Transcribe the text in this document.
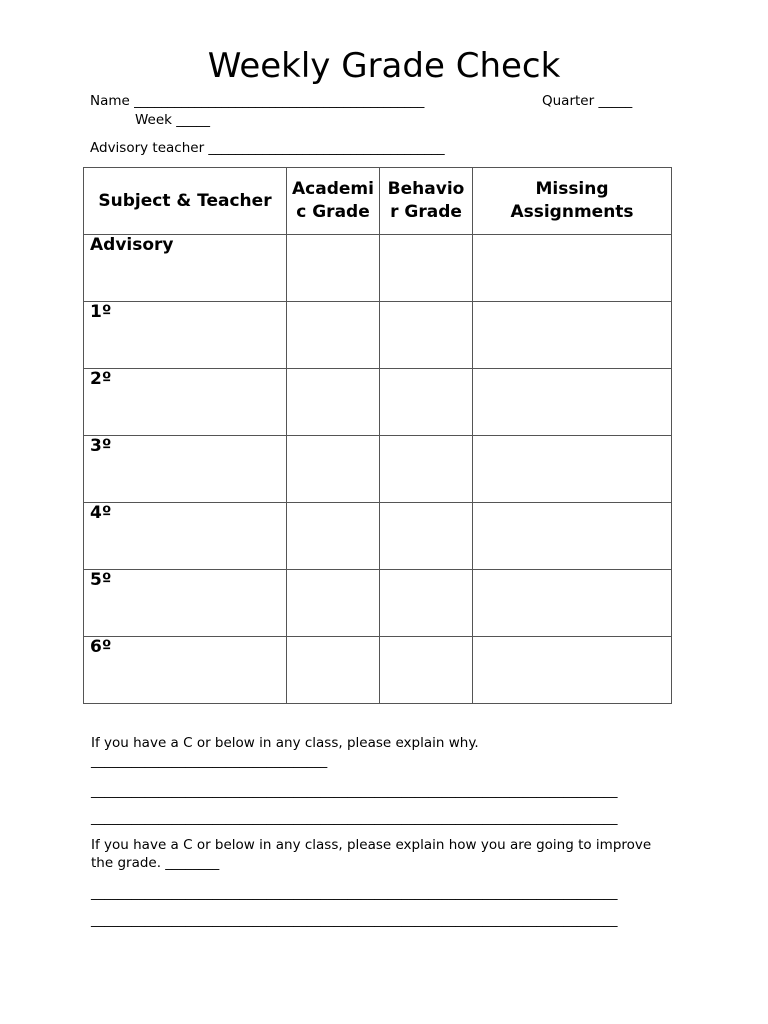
Weekly Grade Check
Name ___________________________________________	Quarter _____
Week _____
Advisory teacher ___________________________________
Subject & Teacher	Academic Grade	Behavior Grade	Missing Assignments
Advisory			
1º			
2º			
3º			
4º			
5º			
6º			
If you have a C or below in any class, please explain why.
___________________________________
______________________________________________________________________________
______________________________________________________________________________
If you have a C or below in any class, please explain how you are going to improve
the grade. ________
______________________________________________________________________________
______________________________________________________________________________
